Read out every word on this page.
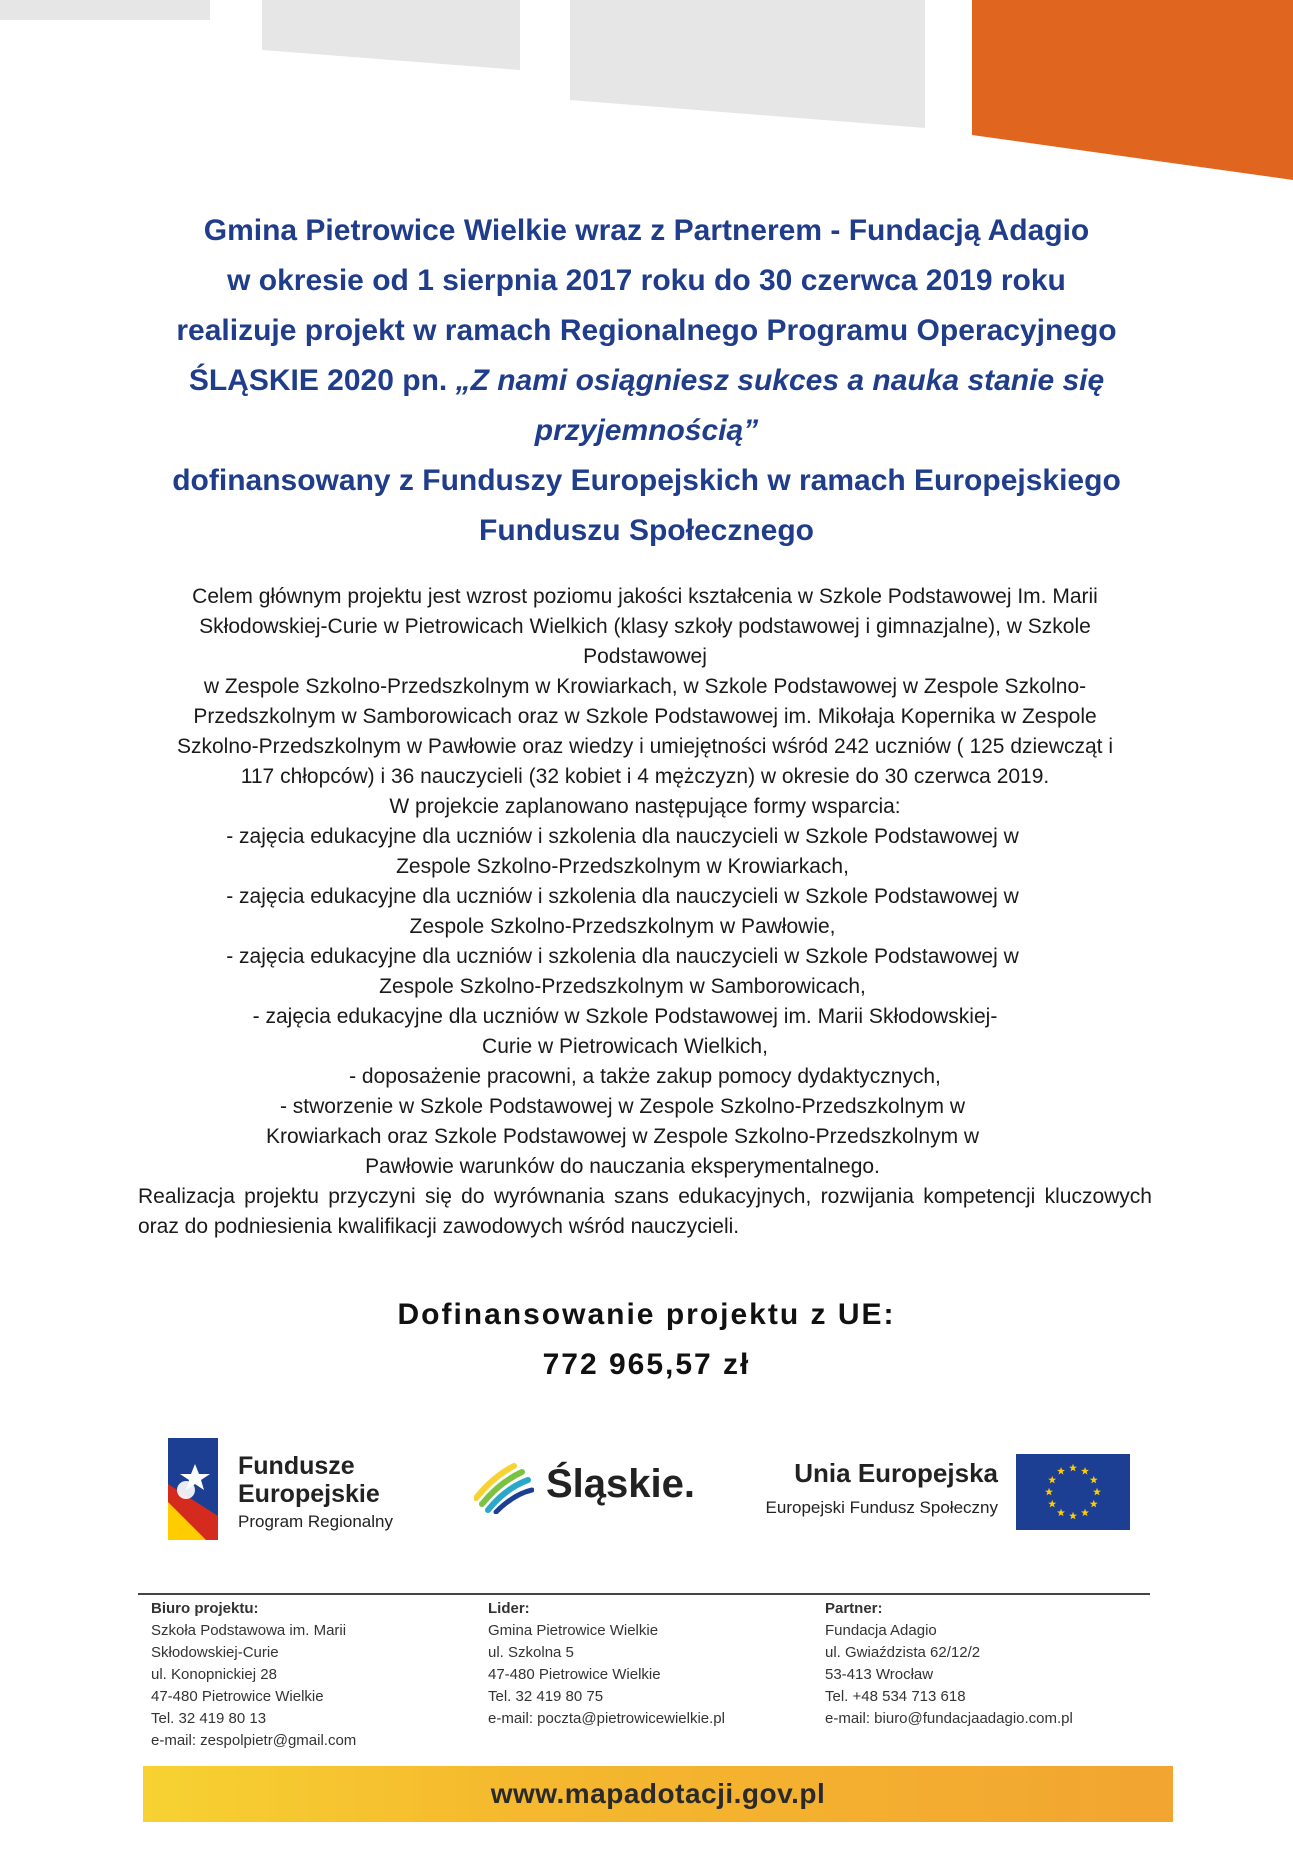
Gmina Pietrowice Wielkie wraz z Partnerem - Fundacją Adagio
w okresie od 1 sierpnia 2017 roku do 30 czerwca 2019 roku
realizuje projekt w ramach Regionalnego Programu Operacyjnego
ŚLĄSKIE 2020 pn. „Z nami osiągniesz sukces a nauka stanie się
przyjemnością”
dofinansowany z Funduszy Europejskich w ramach Europejskiego
Funduszu Społecznego

Celem głównym projektu jest wzrost poziomu jakości kształcenia w Szkole Podstawowej Im. Marii Skłodowskiej-Curie w Pietrowicach Wielkich (klasy szkoły podstawowej i gimnazjalne), w Szkole Podstawowej

w Zespole Szkolno-Przedszkolnym w Krowiarkach, w Szkole Podstawowej w Zespole Szkolno-Przedszkolnym w Samborowicach oraz w Szkole Podstawowej im. Mikołaja Kopernika w Zespole Szkolno-Przedszkolnym w Pawłowie oraz wiedzy i umiejętności wśród 242 uczniów ( 125 dziewcząt i 117 chłopców) i 36 nauczycieli (32 kobiet i 4 mężczyzn) w okresie do 30 czerwca 2019.

W projekcie zaplanowano następujące formy wsparcia:

- zajęcia edukacyjne dla uczniów i szkolenia dla nauczycieli w Szkole Podstawowej w Zespole Szkolno-Przedszkolnym w Krowiarkach,

- zajęcia edukacyjne dla uczniów i szkolenia dla nauczycieli w Szkole Podstawowej w Zespole Szkolno-Przedszkolnym w Pawłowie,

- zajęcia edukacyjne dla uczniów i szkolenia dla nauczycieli w Szkole Podstawowej w Zespole Szkolno-Przedszkolnym w Samborowicach,

- zajęcia edukacyjne dla uczniów w Szkole Podstawowej im. Marii Skłodowskiej-Curie w Pietrowicach Wielkich,

- doposażenie pracowni, a także zakup pomocy dydaktycznych,

- stworzenie w Szkole Podstawowej w Zespole Szkolno-Przedszkolnym w Krowiarkach oraz Szkole Podstawowej w Zespole Szkolno-Przedszkolnym w Pawłowie warunków do nauczania eksperymentalnego.

Realizacja projektu przyczyni się do wyrównania szans edukacyjnych, rozwijania kompetencji kluczowych oraz do podniesienia kwalifikacji zawodowych wśród nauczycieli.

Dofinansowanie projektu z UE:
772 965,57 zł
Fundusze
Europejskie
Program Regionalny
Śląskie.	Unia Europejska
Europejski Fundusz Społeczny
Biuro projektu:
Szkoła Podstawowa im. Marii
Skłodowskiej-Curie
ul. Konopnickiej 28
47-480 Pietrowice Wielkie
Tel. 32 419 80 13
e-mail: zespolpietr@gmail.com
Lider:
Gmina Pietrowice Wielkie
ul. Szkolna 5
47-480 Pietrowice Wielkie
Tel. 32 419 80 75
e-mail: poczta@pietrowicewielkie.pl
Partner:
Fundacja Adagio
ul. Gwiaździsta 62/12/2
53-413 Wrocław
Tel. +48 534 713 618
e-mail: biuro@fundacjaadagio.com.pl
www.mapadotacji.gov.pl
